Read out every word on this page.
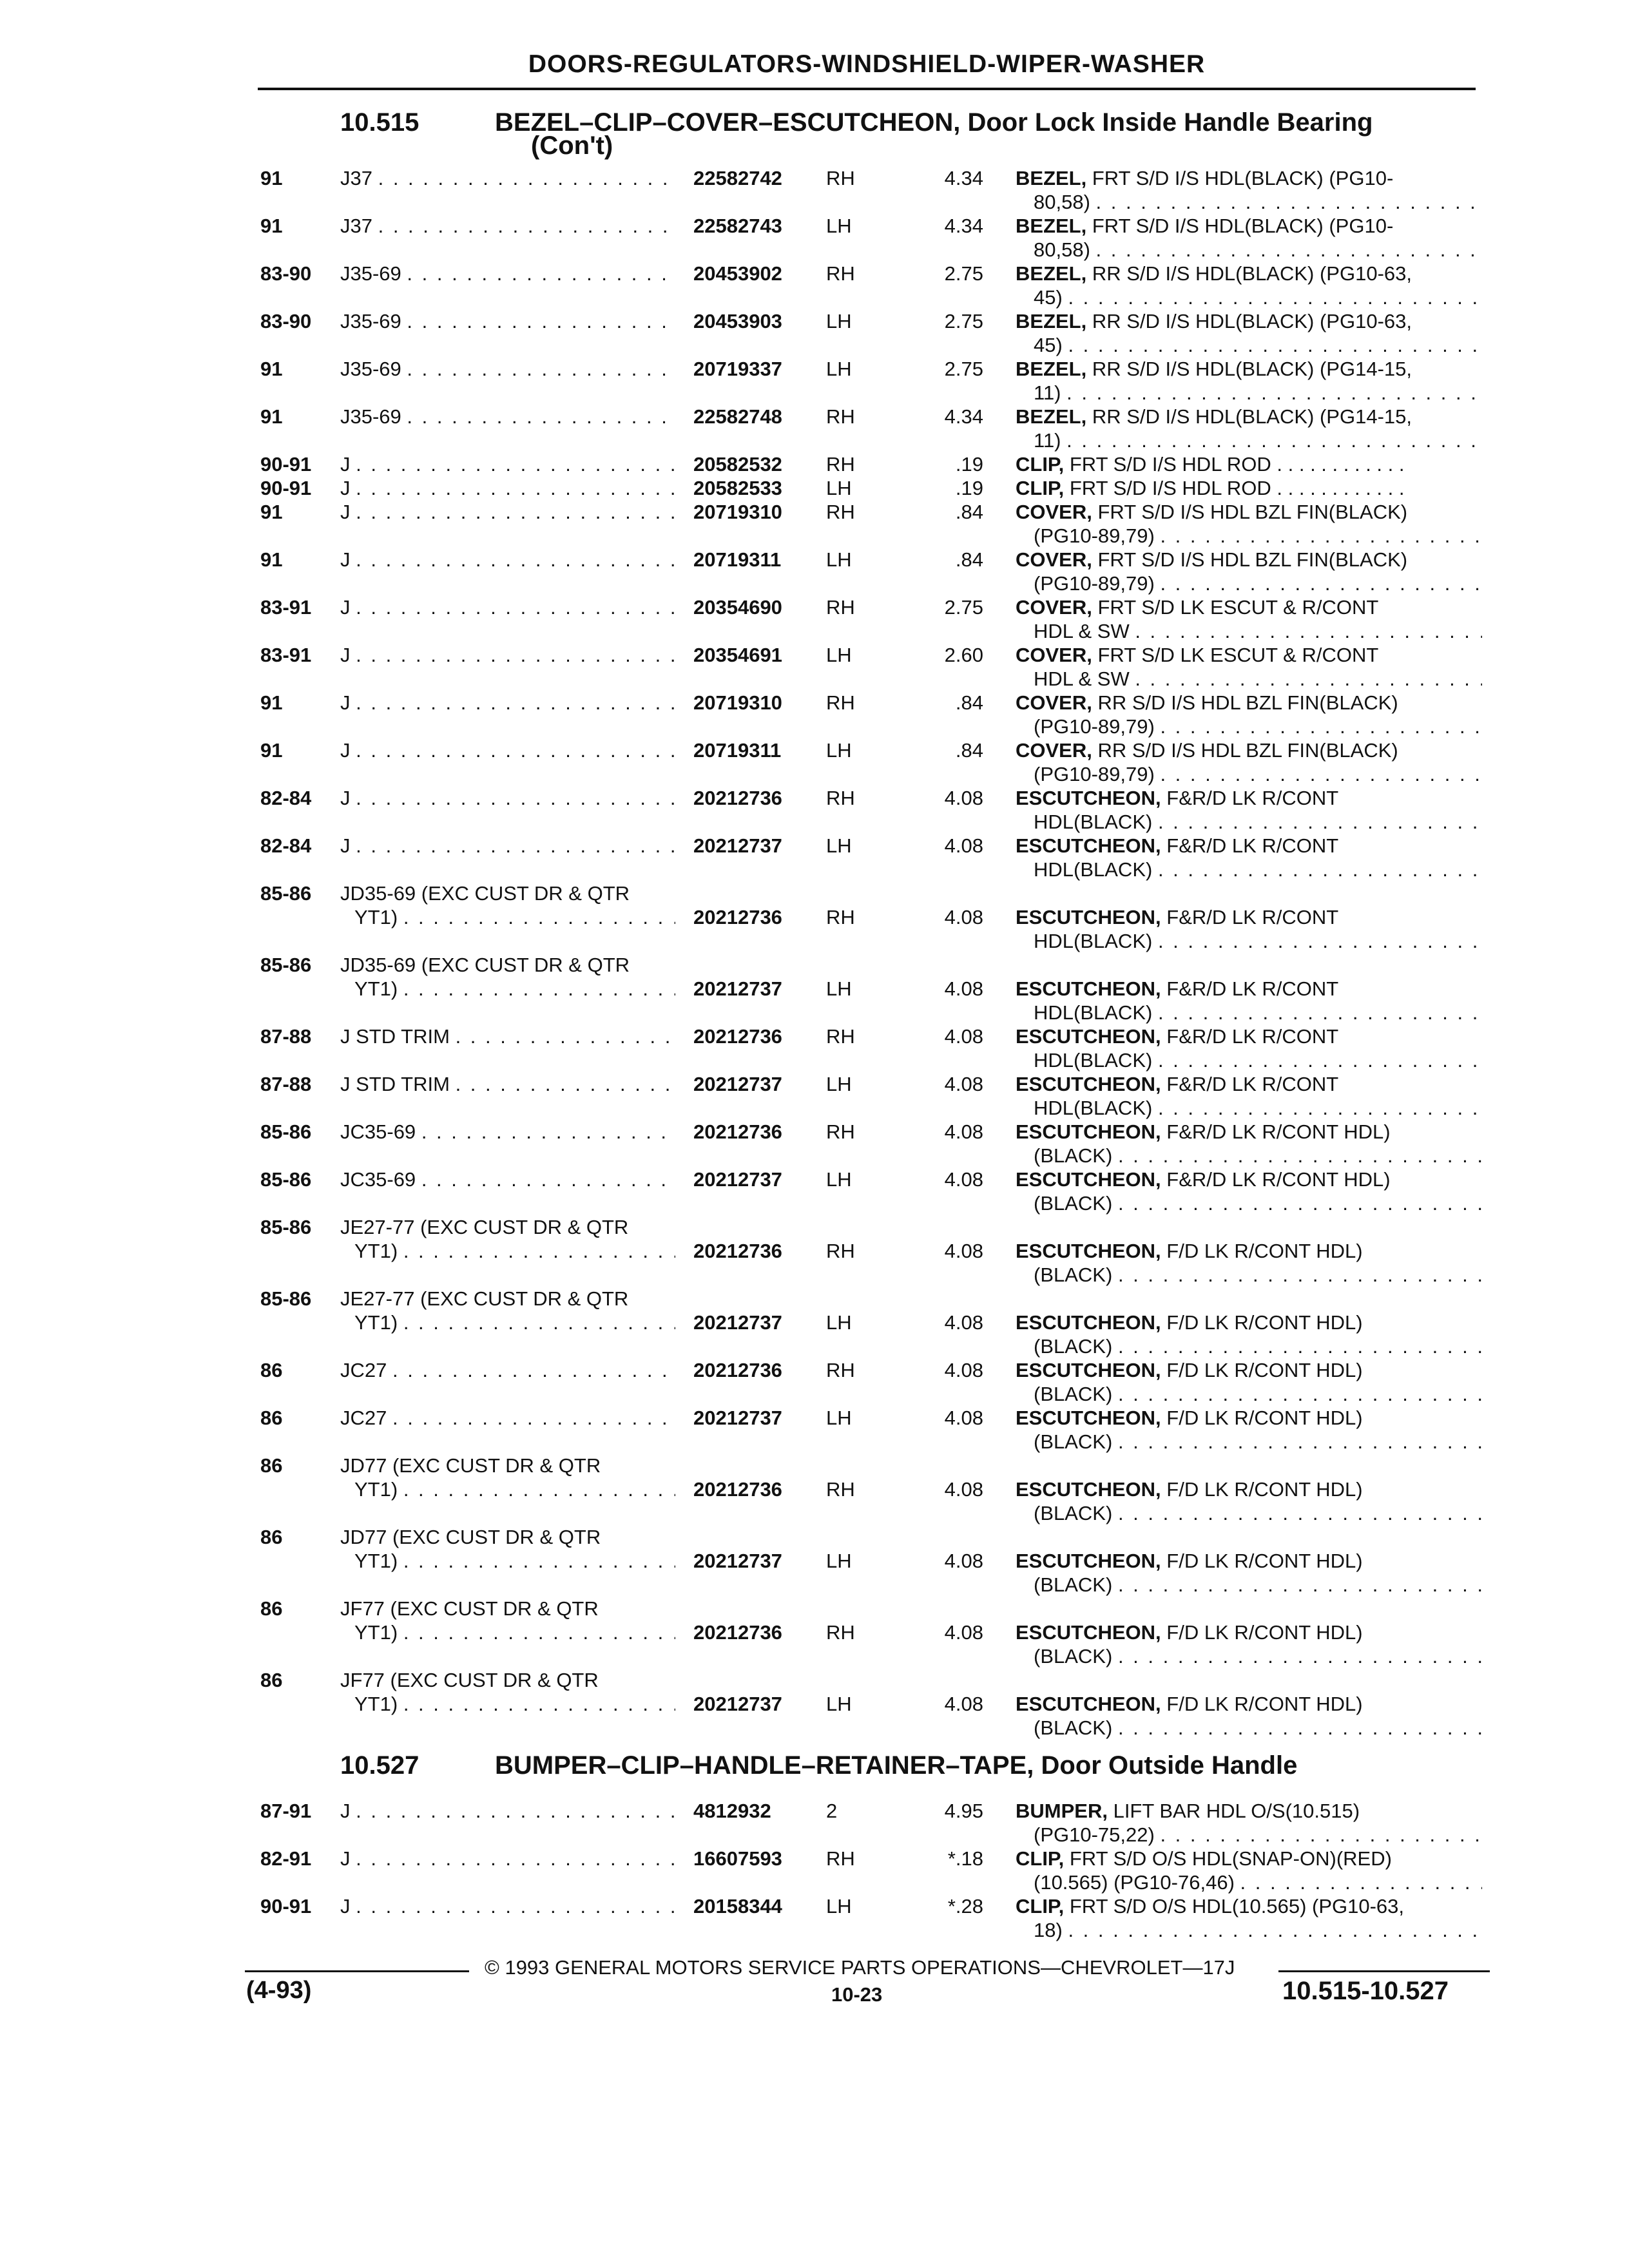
DOORS-REGULATORS-WINDSHIELD-WIPER-WASHER
10.515	BEZEL–CLIP–COVER–ESCUTCHEON, Door Lock Inside Handle Bearing
(Con't)
10.527	BUMPER–CLIP–HANDLE–RETAINER–TAPE, Door Outside Handle
91	J37 . . .	22582742	RH	4.34 BEZEL, FRT S/D I/S HDL(BLACK) (PG10-
80,58) . . .
91	J37 . . .	22582743	LH	4.34 BEZEL, FRT S/D I/S HDL(BLACK) (PG10-
80,58) . . .
83-90	J35-69 . . .	20453902	RH	2.75 BEZEL, RR S/D I/S HDL(BLACK) (PG10-63,
45) . . .
83-90	J35-69 . . .	20453903	LH	2.75 BEZEL, RR S/D I/S HDL(BLACK) (PG10-63,
45) . . .
91	J35-69 . . .	20719337	LH	2.75 BEZEL, RR S/D I/S HDL(BLACK) (PG14-15,
11) . . .
91	J35-69 . . .	22582748	RH	4.34 BEZEL, RR S/D I/S HDL(BLACK) (PG14-15,
11) . . .
90-91	J . . .	20582532	RH	.19 CLIP, FRT S/D I/S HDL ROD . . . . . . . . . . . .
90-91	J . . .	20582533	LH	.19 CLIP, FRT S/D I/S HDL ROD . . . . . . . . . . . .
91	J . . .	20719310	RH	.84 COVER, FRT S/D I/S HDL BZL FIN(BLACK)
(PG10-89,79) . . .
91	J . . .	20719311	LH	.84 COVER, FRT S/D I/S HDL BZL FIN(BLACK)
(PG10-89,79) . . .
83-91	J . . .	20354690	RH	2.75 COVER, FRT S/D LK ESCUT & R/CONT
HDL & SW . . .
83-91	J . . .	20354691	LH	2.60 COVER, FRT S/D LK ESCUT & R/CONT
HDL & SW . . .
91	J . . .	20719310	RH	.84 COVER, RR S/D I/S HDL BZL FIN(BLACK)
(PG10-89,79) . . .
91	J . . .	20719311	LH	.84 COVER, RR S/D I/S HDL BZL FIN(BLACK)
(PG10-89,79) . . .
82-84	J . . .	20212736	RH	4.08 ESCUTCHEON, F&R/D LK R/CONT
HDL(BLACK) . . .
82-84	J . . .	20212737	LH	4.08 ESCUTCHEON, F&R/D LK R/CONT
HDL(BLACK) . . .
85-86	JD35-69 (EXC CUST DR & QTR
YT1) . . .	20212736	RH	4.08 ESCUTCHEON, F&R/D LK R/CONT
HDL(BLACK) . . .
85-86	JD35-69 (EXC CUST DR & QTR
YT1) . . .	20212737	LH	4.08 ESCUTCHEON, F&R/D LK R/CONT
HDL(BLACK) . . .
87-88	J STD TRIM . . .	20212736	RH	4.08 ESCUTCHEON, F&R/D LK R/CONT
HDL(BLACK) . . .
87-88	J STD TRIM . . .	20212737	LH	4.08 ESCUTCHEON, F&R/D LK R/CONT
HDL(BLACK) . . .
85-86	JC35-69 . . .	20212736	RH	4.08 ESCUTCHEON, F&R/D LK R/CONT HDL)
(BLACK) . . .
85-86	JC35-69 . . .	20212737	LH	4.08 ESCUTCHEON, F&R/D LK R/CONT HDL)
(BLACK) . . .
85-86	JE27-77 (EXC CUST DR & QTR
YT1) . . .	20212736	RH	4.08 ESCUTCHEON, F/D LK R/CONT HDL)
(BLACK) . . .
85-86	JE27-77 (EXC CUST DR & QTR
YT1) . . .	20212737	LH	4.08 ESCUTCHEON, F/D LK R/CONT HDL)
(BLACK) . . .
86	JC27 . . .	20212736	RH	4.08 ESCUTCHEON, F/D LK R/CONT HDL)
(BLACK) . . .
86	JC27 . . .	20212737	LH	4.08 ESCUTCHEON, F/D LK R/CONT HDL)
(BLACK) . . .
86	JD77 (EXC CUST DR & QTR
YT1) . . .	20212736	RH	4.08 ESCUTCHEON, F/D LK R/CONT HDL)
(BLACK) . . .
86	JD77 (EXC CUST DR & QTR
YT1) . . .	20212737	LH	4.08 ESCUTCHEON, F/D LK R/CONT HDL)
(BLACK) . . .
86	JF77 (EXC CUST DR & QTR
YT1) . . .	20212736	RH	4.08 ESCUTCHEON, F/D LK R/CONT HDL)
(BLACK) . . .
86	JF77 (EXC CUST DR & QTR
YT1) . . .	20212737	LH	4.08 ESCUTCHEON, F/D LK R/CONT HDL)
(BLACK) . . .
87-91	J . . .	4812932	2	4.95 BUMPER, LIFT BAR HDL O/S(10.515)
(PG10-75,22) . . .
82-91	J . . .	16607593	RH	*.18 CLIP, FRT S/D O/S HDL(SNAP-ON)(RED)
(10.565) (PG10-76,46) . . .
90-91	J . . .	20158344	LH	*.28 CLIP, FRT S/D O/S HDL(10.565) (PG10-63,
18) . . .
© 1993 GENERAL MOTORS SERVICE PARTS OPERATIONS—CHEVROLET—17J
(4-93)	10-23	10.515-10.527
